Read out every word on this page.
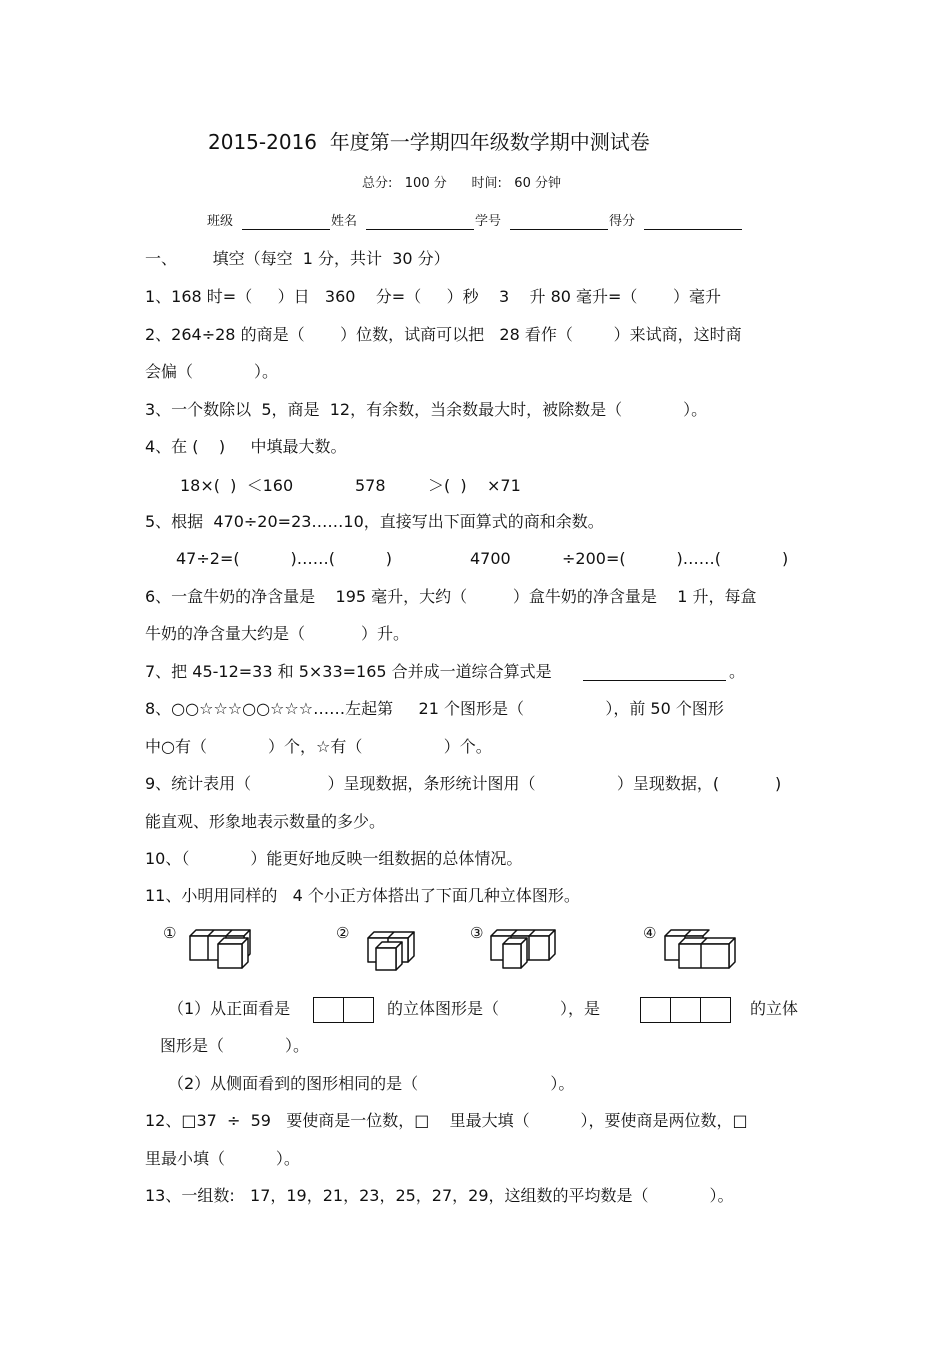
2015-2016  年度第一学期四年级数学期中测试卷
总分:   100 分      时间:   60 分钟
班级	姓名	学号	得分
一、       填空（每空  1 分，共计  30 分）
1、168 时=（     ）日   360    分=（     ）秒    3    升 80 毫升=（       ）毫升
2、264÷28 的商是（       ）位数，试商可以把   28 看作（        ）来试商，这时商
会偏（            ）。
3、一个数除以  5，商是  12，有余数，当余数最大时，被除数是（            ）。
4、在 (    )     中填最大数。
18×(  )  ＜160	578	＞(  )    ×71
5、根据  470÷20=23……10，直接写出下面算式的商和余数。
47÷2=(          )……(          )	4700	÷200=(          )……(            )
6、一盒牛奶的净含量是    195 毫升，大约（         ）盒牛奶的净含量是    1 升，每盒
牛奶的净含量大约是（           ）升。
7、把 45-12=33 和 5×33=165 合并成一道综合算式是	。
8、○○☆☆☆○○☆☆☆……左起第     21 个图形是（                ），前 50 个图形
中○有（            ）个，☆有（                ）个。
9、统计表用（               ）呈现数据，条形统计图用（                ）呈现数据，(           )
能直观、形象地表示数量的多少。
10、（            ）能更好地反映一组数据的总体情况。
11、小明用同样的   4 个小正方体搭出了下面几种立体图形。
①	②	③	④
（1）从正面看是	的立体图形是（            ），是	的立体
图形是（            ）。
（2）从侧面看到的图形相同的是（                          ）。
12、□37  ÷  59   要使商是一位数，□    里最大填（          ），要使商是两位数，□
里最小填（          ）。
13、一组数:   17，19，21，23，25，27，29，这组数的平均数是（            ）。
